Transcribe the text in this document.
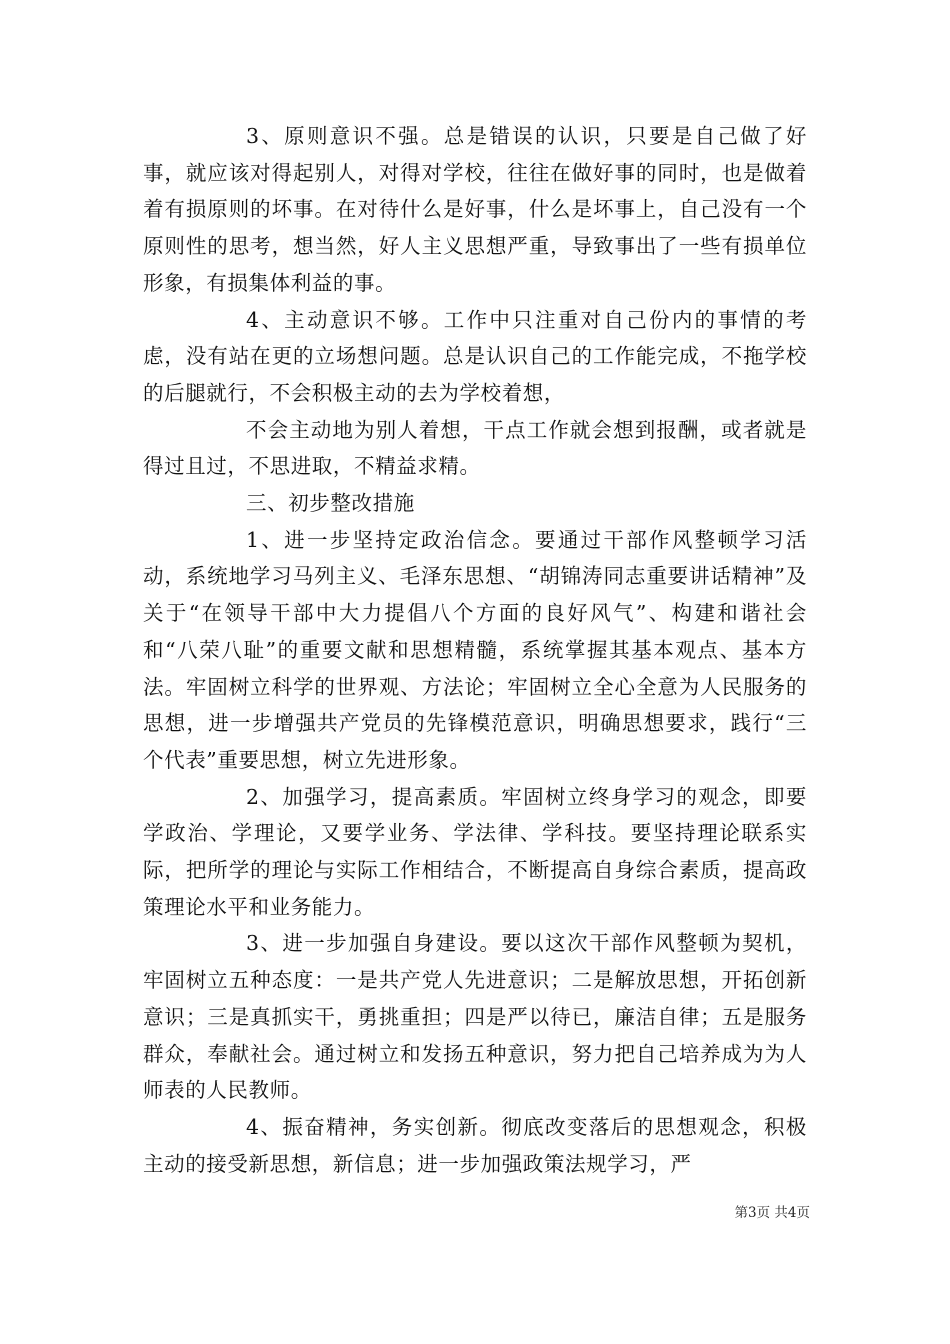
3、原则意识不强。总是错误的认识，只要是自己做了好事，就应该对得起别人，对得对学校，往往在做好事的同时，也是做着着有损原则的坏事。在对待什么是好事，什么是坏事上，自己没有一个原则性的思考，想当然，好人主义思想严重，导致事出了一些有损单位形象，有损集体利益的事。

4、主动意识不够。工作中只注重对自己份内的事情的考虑，没有站在更的立场想问题。总是认识自己的工作能完成，不拖学校的后腿就行，不会积极主动的去为学校着想，

不会主动地为别人着想，干点工作就会想到报酬，或者就是得过且过，不思进取，不精益求精。

三、初步整改措施

1、进一步坚持定政治信念。要通过干部作风整顿学习活动，系统地学习马列主义、毛泽东思想、“胡锦涛同志重要讲话精神”及关于“在领导干部中大力提倡八个方面的良好风气”、构建和谐社会和“八荣八耻”的重要文献和思想精髓，系统掌握其基本观点、基本方法。牢固树立科学的世界观、方法论；牢固树立全心全意为人民服务的思想，进一步增强共产党员的先锋模范意识，明确思想要求，践行“三个代表”重要思想，树立先进形象。

2、加强学习，提高素质。牢固树立终身学习的观念，即要学政治、学理论，又要学业务、学法律、学科技。要坚持理论联系实际，把所学的理论与实际工作相结合，不断提高自身综合素质，提高政策理论水平和业务能力。

3、进一步加强自身建设。要以这次干部作风整顿为契机，牢固树立五种态度：一是共产党人先进意识；二是解放思想，开拓创新意识；三是真抓实干，勇挑重担；四是严以待已，廉洁自律；五是服务群众，奉献社会。通过树立和发扬五种意识，努力把自己培养成为为人师表的人民教师。

4、振奋精神，务实创新。彻底改变落后的思想观念，积极主动的接受新思想，新信息；进一步加强政策法规学习，严

第3页 共4页
